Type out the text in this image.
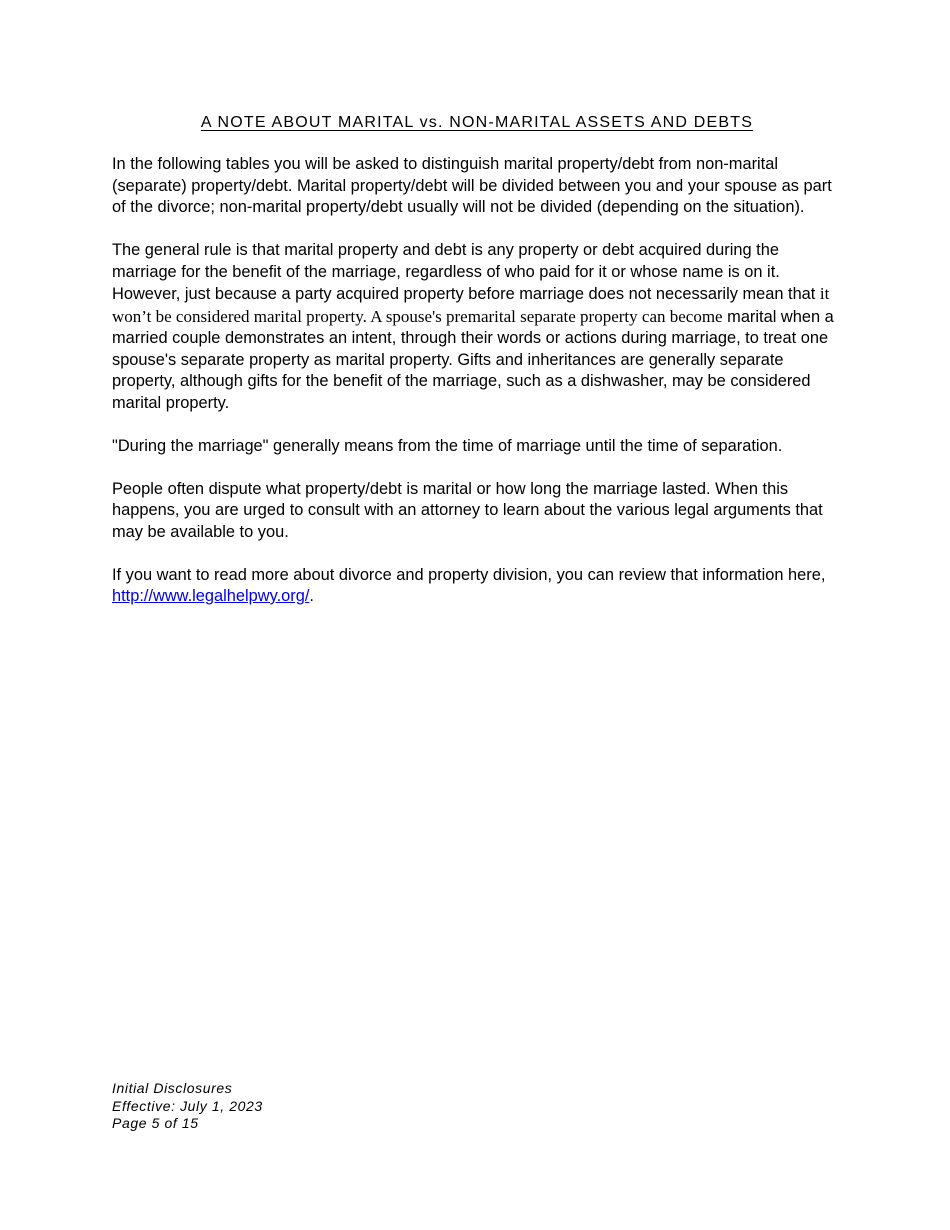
A NOTE ABOUT MARITAL vs. NON-MARITAL ASSETS AND DEBTS

In the following tables you will be asked to distinguish marital property/debt from non-marital (separate) property/debt. Marital property/debt will be divided between you and your spouse as part of the divorce; non-marital property/debt usually will not be divided (depending on the situation).

The general rule is that marital property and debt is any property or debt acquired during the marriage for the benefit of the marriage, regardless of who paid for it or whose name is on it. However, just because a party acquired property before marriage does not necessarily mean that it won’t be considered marital property. A spouse's premarital separate property can become marital when a married couple demonstrates an intent, through their words or actions during marriage, to treat one spouse's separate property as marital property. Gifts and inheritances are generally separate property, although gifts for the benefit of the marriage, such as a dishwasher, may be considered marital property.

"During the marriage" generally means from the time of marriage until the time of separation.

People often dispute what property/debt is marital or how long the marriage lasted. When this happens, you are urged to consult with an attorney to learn about the various legal arguments that may be available to you.

If you want to read more about divorce and property division, you can review that information here, http://www.legalhelpwy.org/.

Initial Disclosures
Effective: July 1, 2023
Page 5 of 15
